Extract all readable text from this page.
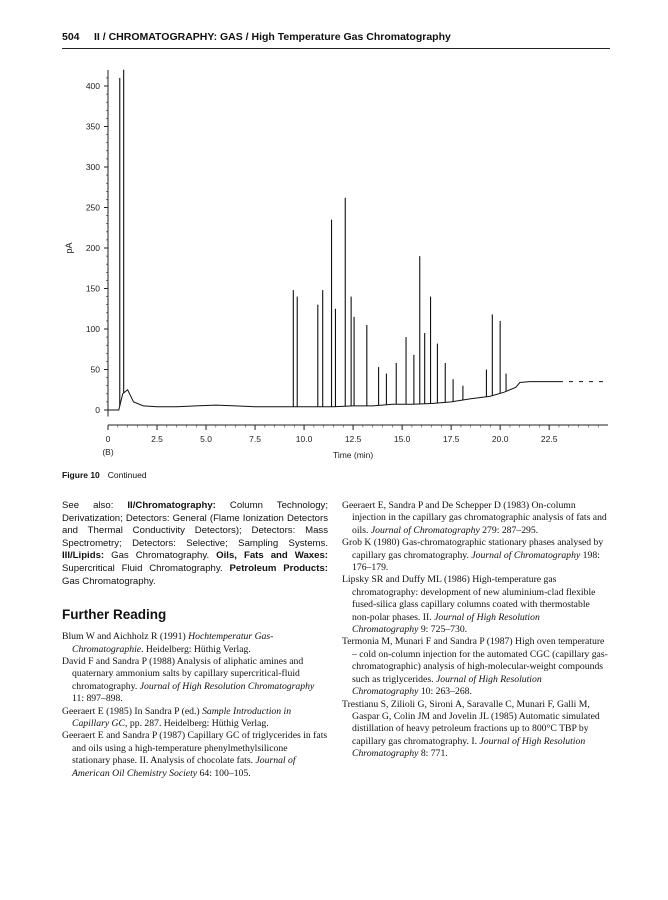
504 II / CHROMATOGRAPHY: GAS / High Temperature Gas Chromatography
0
50
100
150
200
250
300
350
400
0	2.5	5.0	7.5	10.0	12.5	15.0	17.5	20.0	22.5
pA
Time (min)
(B)
Figure 10 Continued

See also: II/Chromatography: Column Technology; Derivatization; Detectors: General (Flame Ionization Detectors and Thermal Conductivity Detectors); Detectors: Mass Spectrometry; Detectors: Selective; Sampling Systems. III/Lipids: Gas Chromatography. Oils, Fats and Waxes: Supercritical Fluid Chromatography. Petroleum Products: Gas Chromatography.

Further Reading
Blum W and Aichholz R (1991) Hochtemperatur Gas-Chromatographie. Heidelberg: Hüthig Verlag.
David F and Sandra P (1988) Analysis of aliphatic amines and quaternary ammonium salts by capillary supercritical-fluid chromatography. Journal of High Resolution Chromatography 11: 897–898.
Geeraert E (1985) In Sandra P (ed.) Sample Introduction in Capillary GC, pp. 287. Heidelberg: Hüthig Verlag.
Geeraert E and Sandra P (1987) Capillary GC of triglycerides in fats and oils using a high-temperature phenylmethylsilicone stationary phase. II. Analysis of chocolate fats. Journal of American Oil Chemistry Society 64: 100–105.
Geeraert E, Sandra P and De Schepper D (1983) On-column injection in the capillary gas chromatographic analysis of fats and oils. Journal of Chromatography 279: 287–295.
Grob K (1980) Gas-chromatographic stationary phases analysed by capillary gas chromatography. Journal of Chromatography 198: 176–179.
Lipsky SR and Duffy ML (1986) High-temperature gas chromatography: development of new aluminium-clad flexible fused-silica glass capillary columns coated with thermostable non-polar phases. II. Journal of High Resolution Chromatography 9: 725–730.
Termonia M, Munari F and Sandra P (1987) High oven temperature – cold on-column injection for the automated CGC (capillary gas-chromatographic) analysis of high-molecular-weight compounds such as triglycerides. Journal of High Resolution Chromatography 10: 263–268.
Trestianu S, Zilioli G, Sironi A, Saravalle C, Munari F, Galli M, Gaspar G, Colin JM and Jovelin JL (1985) Automatic simulated distillation of heavy petroleum fractions up to 800°C TBP by capillary gas chromatography. I. Journal of High Resolution Chromatography 8: 771.
